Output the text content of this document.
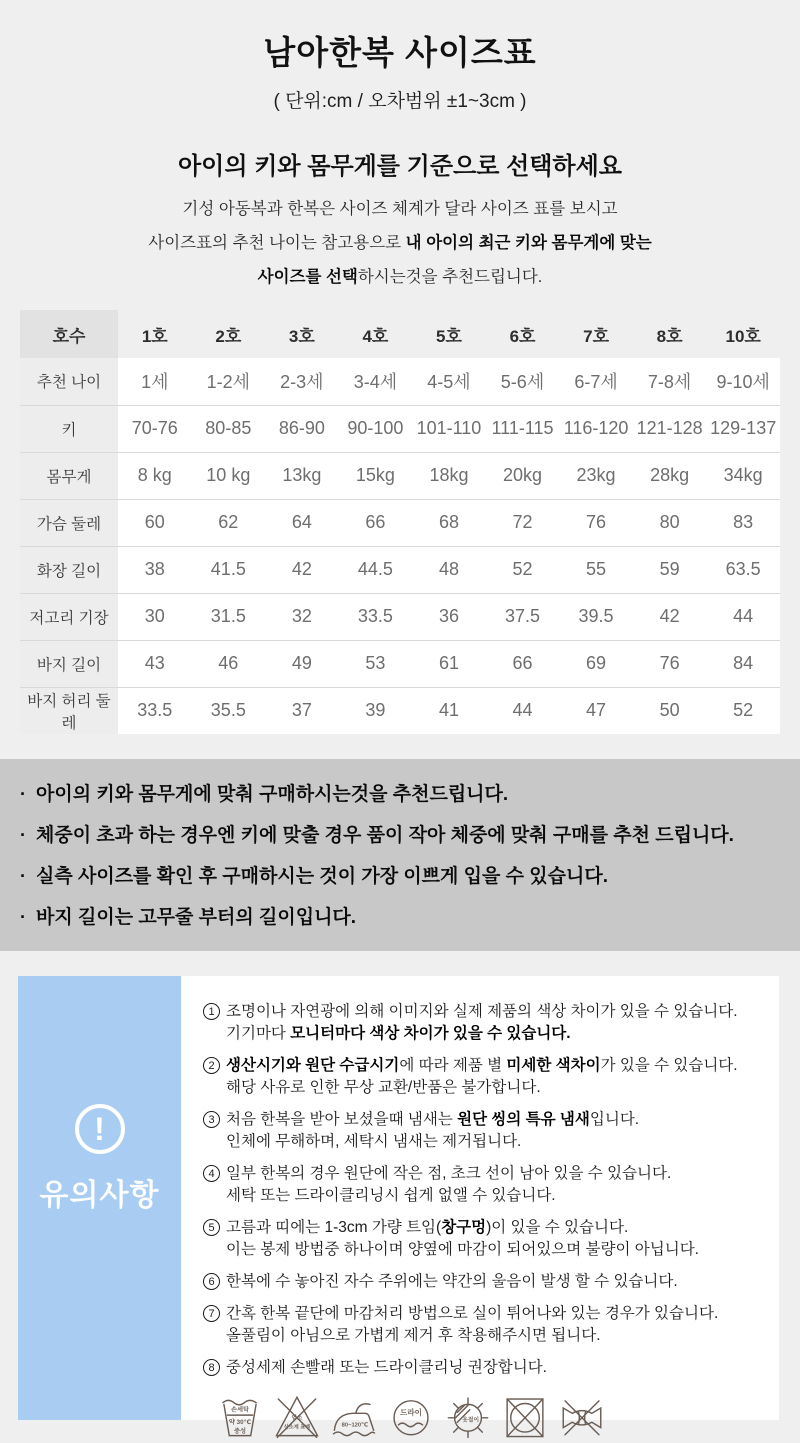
남아한복 사이즈표
( 단위:cm / 오차범위 ±1~3cm )
아이의 키와 몸무게를 기준으로 선택하세요
기성 아동복과 한복은 사이즈 체계가 달라 사이즈 표를 보시고
사이즈표의 추천 나이는 참고용으로 내 아이의 최근 키와 몸무게에 맞는
사이즈를 선택하시는것을 추천드립니다.
호수	1호	2호	3호	4호	5호	6호	7호	8호	10호
추천 나이	1세	1-2세	2-3세	3-4세	4-5세	5-6세	6-7세	7-8세	9-10세
키	70-76	80-85	86-90	90-100	101-110	111-115	116-120	121-128	129-137
몸무게	8 kg	10 kg	13kg	15kg	18kg	20kg	23kg	28kg	34kg
가슴 둘레	60	62	64	66	68	72	76	80	83
화장 길이	38	41.5	42	44.5	48	52	55	59	63.5
저고리 기장	30	31.5	32	33.5	36	37.5	39.5	42	44
바지 길이	43	46	49	53	61	66	69	76	84
바지 허리 둘레	33.5	35.5	37	39	41	44	47	50	52
· 아이의 키와 몸무게에 맞춰 구매하시는것을 추천드립니다.
· 체중이 초과 하는 경우엔 키에 맞출 경우 품이 작아 체중에 맞춰 구매를 추천 드립니다.
· 실측 사이즈를 확인 후 구매하시는 것이 가장 이쁘게 입을 수 있습니다.
· 바지 길이는 고무줄 부터의 길이입니다.
!
유의사항
1 조명이나 자연광에 의해 이미지와 실제 제품의 색상 차이가 있을 수 있습니다.
기기마다 모니터마다 색상 차이가 있을 수 있습니다.
2 생산시기와 원단 수급시기에 따라 제품 별 미세한 색차이가 있을 수 있습니다.
해당 사유로 인한 무상 교환/반품은 불가합니다.
3 처음 한복을 받아 보셨을때 냄새는 원단 씽의 특유 냄새입니다.
인체에 무해하며, 세탁시 냄새는 제거됩니다.
4 일부 한복의 경우 원단에 작은 점, 초크 선이 남아 있을 수 있습니다.
세탁 또는 드라이클리닝시 쉽게 없앨 수 있습니다.
5 고름과 띠에는 1-3cm 가량 트임(창구멍)이 있을 수 있습니다.
이는 봉제 방법중 하나이며 양옆에 마감이 되어있으며 불량이 아닙니다.
6 한복에 수 놓아진 자수 주위에는 약간의 울음이 발생 할 수 있습니다.
7 간혹 한복 끝단에 마감처리 방법으로 실이 튀어나와 있는 경우가 있습니다.
올풀림이 아님으로 가볍게 제거 후 착용해주시면 됩니다.
8 중성세제 손빨래 또는 드라이클리닝 권장합니다.
손세탁
약 30℃
중성
염소
산소계 표백	80~120℃
드라이
옷걸이
